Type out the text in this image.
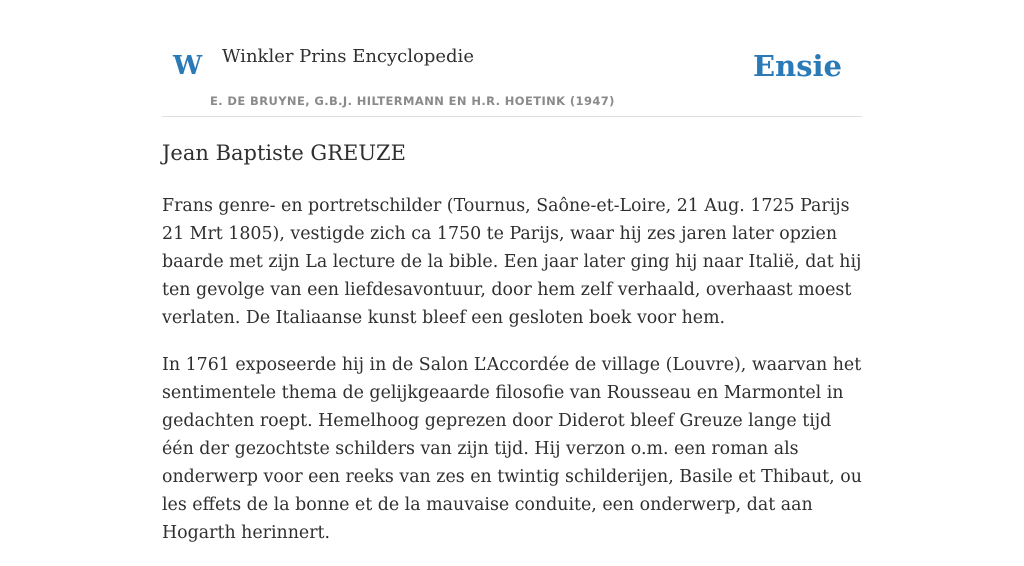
W Winkler Prins Encyclopedie
E. DE BRUYNE, G.B.J. HILTERMANN EN H.R. HOETINK (1947)
Ensie
Jean Baptiste GREUZE

Frans genre- en portretschilder (Tournus, Saône-et-Loire, 21 Aug. 1725 Parijs 21 Mrt 1805), vestigde zich ca 1750 te Parijs, waar hij zes jaren later opzien baarde met zijn La lecture de la bible. Een jaar later ging hij naar Italië, dat hij ten gevolge van een liefdesavontuur, door hem zelf verhaald, overhaast moest verlaten. De Italiaanse kunst bleef een gesloten boek voor hem.

In 1761 exposeerde hij in de Salon L’Accordée de village (Louvre), waarvan het sentimentele thema de gelijkgeaarde filosofie van Rousseau en Marmontel in gedachten roept. Hemelhoog geprezen door Diderot bleef Greuze lange tijd één der gezochtste schilders van zijn tijd. Hij verzon o.m. een roman als onderwerp voor een reeks van zes en twintig schilderijen, Basile et Thibaut, ou les effets de la bonne et de la mauvaise conduite, een onderwerp, dat aan Hogarth herinnert.
